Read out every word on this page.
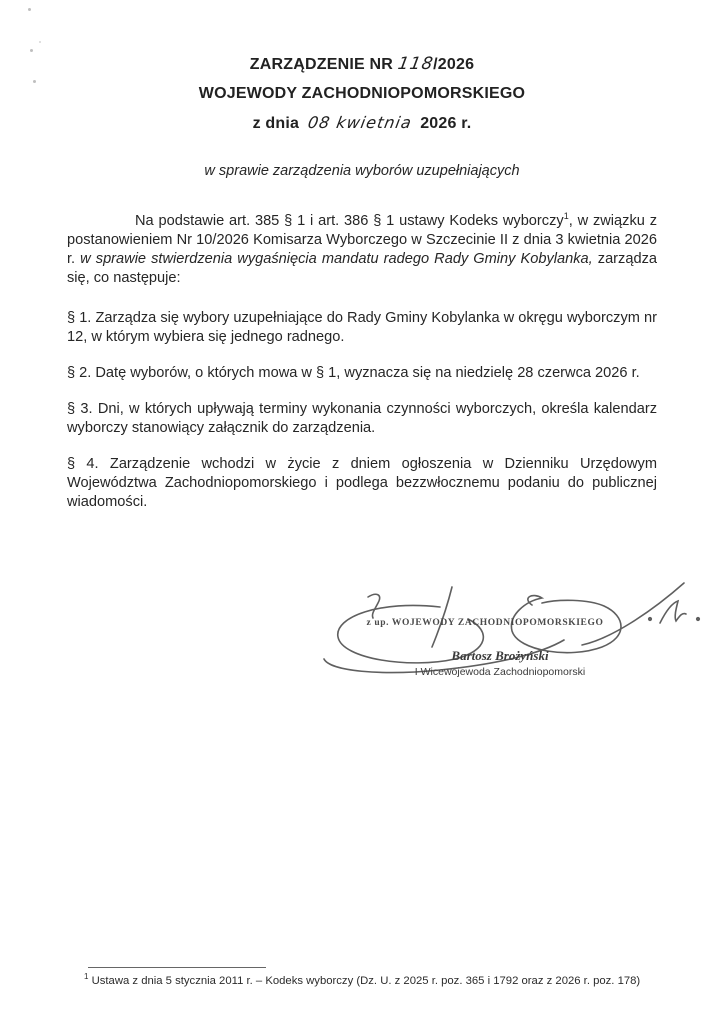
ZARZĄDZENIE NR 118/2026
WOJEWODY ZACHODNIOPOMORSKIEGO
z dnia 08 kwietnia 2026 r.
w sprawie zarządzenia wyborów uzupełniających

Na podstawie art. 385 § 1 i art. 386 § 1 ustawy Kodeks wyborczy$^1$, w związku z postanowieniem Nr 10/2026 Komisarza Wyborczego w Szczecinie II z dnia 3 kwietnia 2026 r. w sprawie stwierdzenia wygaśnięcia mandatu radego Rady Gminy Kobylanka, zarządza się, co następuje:

§ 1. Zarządza się wybory uzupełniające do Rady Gminy Kobylanka w okręgu wyborczym nr 12, w którym wybiera się jednego radnego.

§ 2. Datę wyborów, o których mowa w § 1, wyznacza się na niedzielę 28 czerwca 2026 r.

§ 3. Dni, w których upływają terminy wykonania czynności wyborczych, określa kalendarz wyborczy stanowiący załącznik do zarządzenia.

§ 4. Zarządzenie wchodzi w życie z dniem ogłoszenia w Dzienniku Urzędowym Województwa Zachodniopomorskiego i podlega bezzwłocznemu podaniu do publicznej wiadomości.

z up. WOJEWODY ZACHODNIOPOMORSKIEGO
Bartosz Brożyński
I Wicewojewoda Zachodniopomorski
$^1$ Ustawa z dnia 5 stycznia 2011 r. – Kodeks wyborczy (Dz. U. z 2025 r. poz. 365 i 1792 oraz z 2026 r. poz. 178)
